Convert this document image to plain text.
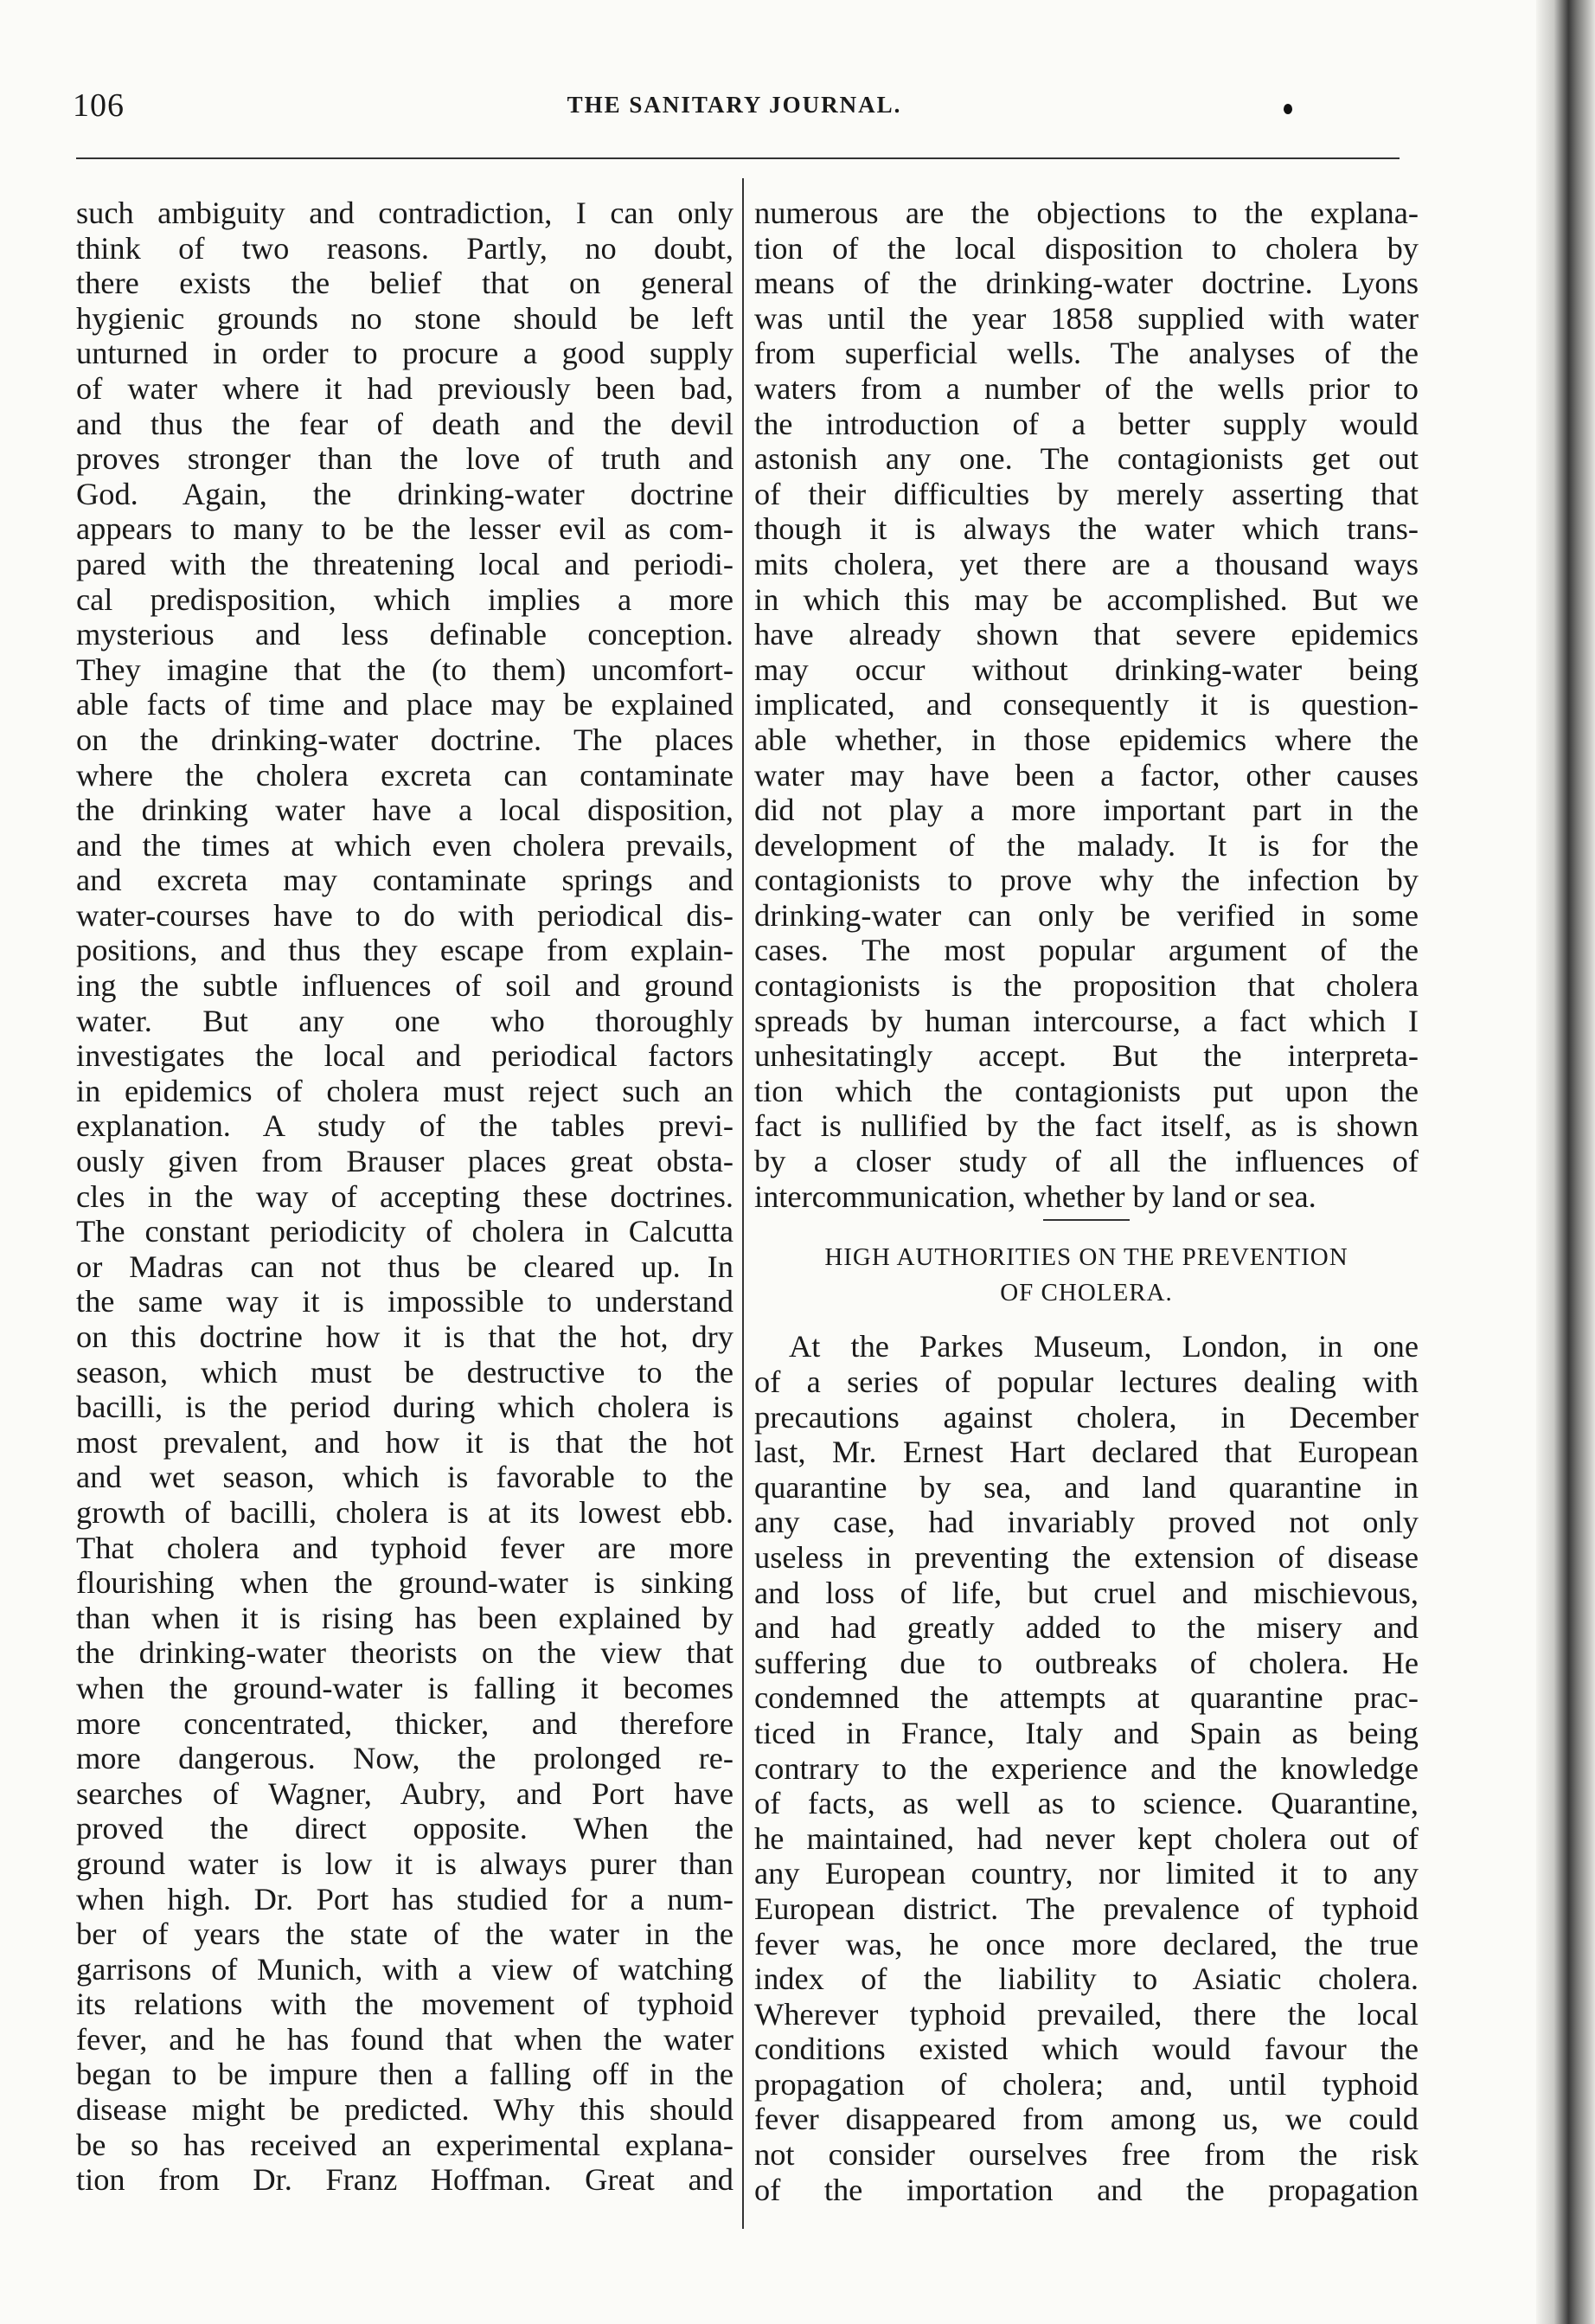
106	THE SANITARY JOURNAL.
such ambiguity and contradiction, I can only
think of two reasons. Partly, no doubt,
there exists the belief that on general
hygienic grounds no stone should be left
unturned in order to procure a good supply
of water where it had previously been bad,
and thus the fear of death and the devil
proves stronger than the love of truth and
God. Again, the drinking-water doctrine
appears to many to be the lesser evil as com-
pared with the threatening local and periodi-
cal predisposition, which implies a more
mysterious and less definable conception.
They imagine that the (to them) uncomfort-
able facts of time and place may be explained
on the drinking-water doctrine. The places
where the cholera excreta can contaminate
the drinking water have a local disposition,
and the times at which even cholera prevails,
and excreta may contaminate springs and
water-courses have to do with periodical dis-
positions, and thus they escape from explain-
ing the subtle influences of soil and ground
water. But any one who thoroughly
investigates the local and periodical factors
in epidemics of cholera must reject such an
explanation. A study of the tables previ-
ously given from Brauser places great obsta-
cles in the way of accepting these doctrines.
The constant periodicity of cholera in Calcutta
or Madras can not thus be cleared up. In
the same way it is impossible to understand
on this doctrine how it is that the hot, dry
season, which must be destructive to the
bacilli, is the period during which cholera is
most prevalent, and how it is that the hot
and wet season, which is favorable to the
growth of bacilli, cholera is at its lowest ebb.
That cholera and typhoid fever are more
flourishing when the ground-water is sinking
than when it is rising has been explained by
the drinking-water theorists on the view that
when the ground-water is falling it becomes
more concentrated, thicker, and therefore
more dangerous. Now, the prolonged re-
searches of Wagner, Aubry, and Port have
proved the direct opposite. When the
ground water is low it is always purer than
when high. Dr. Port has studied for a num-
ber of years the state of the water in the
garrisons of Munich, with a view of watching
its relations with the movement of typhoid
fever, and he has found that when the water
began to be impure then a falling off in the
disease might be predicted. Why this should
be so has received an experimental explana-
tion from Dr. Franz Hoffman. Great and
numerous are the objections to the explana-
tion of the local disposition to cholera by
means of the drinking-water doctrine. Lyons
was until the year 1858 supplied with water
from superficial wells. The analyses of the
waters from a number of the wells prior to
the introduction of a better supply would
astonish any one. The contagionists get out
of their difficulties by merely asserting that
though it is always the water which trans-
mits cholera, yet there are a thousand ways
in which this may be accomplished. But we
have already shown that severe epidemics
may occur without drinking-water being
implicated, and consequently it is question-
able whether, in those epidemics where the
water may have been a factor, other causes
did not play a more important part in the
development of the malady. It is for the
contagionists to prove why the infection by
drinking-water can only be verified in some
cases. The most popular argument of the
contagionists is the proposition that cholera
spreads by human intercourse, a fact which I
unhesitatingly accept. But the interpreta-
tion which the contagionists put upon the
fact is nullified by the fact itself, as is shown
by a closer study of all the influences of
intercommunication, whether by land or sea.
HIGH AUTHORITIES ON THE PREVENTION
OF CHOLERA.
At the Parkes Museum, London, in one
of a series of popular lectures dealing with
precautions against cholera, in December
last, Mr. Ernest Hart declared that European
quarantine by sea, and land quarantine in
any case, had invariably proved not only
useless in preventing the extension of disease
and loss of life, but cruel and mischievous,
and had greatly added to the misery and
suffering due to outbreaks of cholera. He
condemned the attempts at quarantine prac-
ticed in France, Italy and Spain as being
contrary to the experience and the knowledge
of facts, as well as to science. Quarantine,
he maintained, had never kept cholera out of
any European country, nor limited it to any
European district. The prevalence of typhoid
fever was, he once more declared, the true
index of the liability to Asiatic cholera.
Wherever typhoid prevailed, there the local
conditions existed which would favour the
propagation of cholera; and, until typhoid
fever disappeared from among us, we could
not consider ourselves free from the risk
of the importation and the propagation
